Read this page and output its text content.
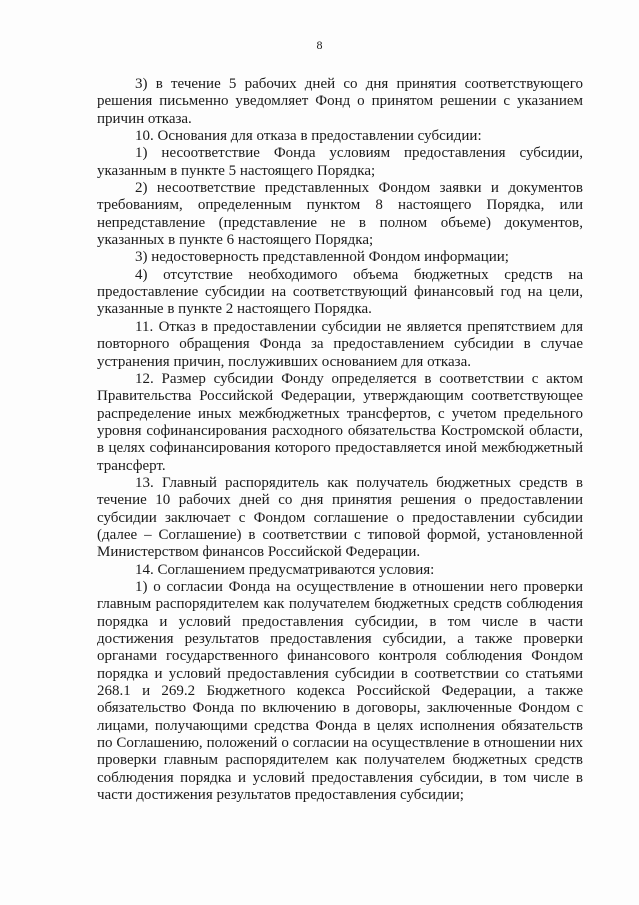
8

3) в течение 5 рабочих дней со дня принятия соответствующего решения письменно уведомляет Фонд о принятом решении с указанием причин отказа.

10. Основания для отказа в предоставлении субсидии:

1) несоответствие Фонда условиям предоставления субсидии, указанным в пункте 5 настоящего Порядка;

2) несоответствие представленных Фондом заявки и документов требованиям, определенным пунктом 8 настоящего Порядка, или непредставление (представление не в полном объеме) документов, указанных в пункте 6 настоящего Порядка;

3) недостоверность представленной Фондом информации;

4) отсутствие необходимого объема бюджетных средств на предоставление субсидии на соответствующий финансовый год на цели, указанные в пункте 2 настоящего Порядка.

11. Отказ в предоставлении субсидии не является препятствием для повторного обращения Фонда за предоставлением субсидии в случае устранения причин, послуживших основанием для отказа.

12. Размер субсидии Фонду определяется в соответствии с актом Правительства Российской Федерации, утверждающим соответствующее распределение иных межбюджетных трансфертов, с учетом предельного уровня софинансирования расходного обязательства Костромской области, в целях софинансирования которого предоставляется иной межбюджетный трансферт.

13. Главный распорядитель как получатель бюджетных средств в течение 10 рабочих дней со дня принятия решения о предоставлении субсидии заключает с Фондом соглашение о предоставлении субсидии (далее – Соглашение) в соответствии с типовой формой, установленной Министерством финансов Российской Федерации.

14. Соглашением предусматриваются условия:

1) о согласии Фонда на осуществление в отношении него проверки главным распорядителем как получателем бюджетных средств соблюдения порядка и условий предоставления субсидии, в том числе в части достижения результатов предоставления субсидии, а также проверки органами государственного финансового контроля соблюдения Фондом порядка и условий предоставления субсидии в соответствии со статьями 268.1 и 269.2 Бюджетного кодекса Российской Федерации, а также обязательство Фонда по включению в договоры, заключенные Фондом с лицами, получающими средства Фонда в целях исполнения обязательств по Соглашению, положений о согласии на осуществление в отношении них проверки главным распорядителем как получателем бюджетных средств соблюдения порядка и условий предоставления субсидии, в том числе в части достижения результатов предоставления субсидии;
